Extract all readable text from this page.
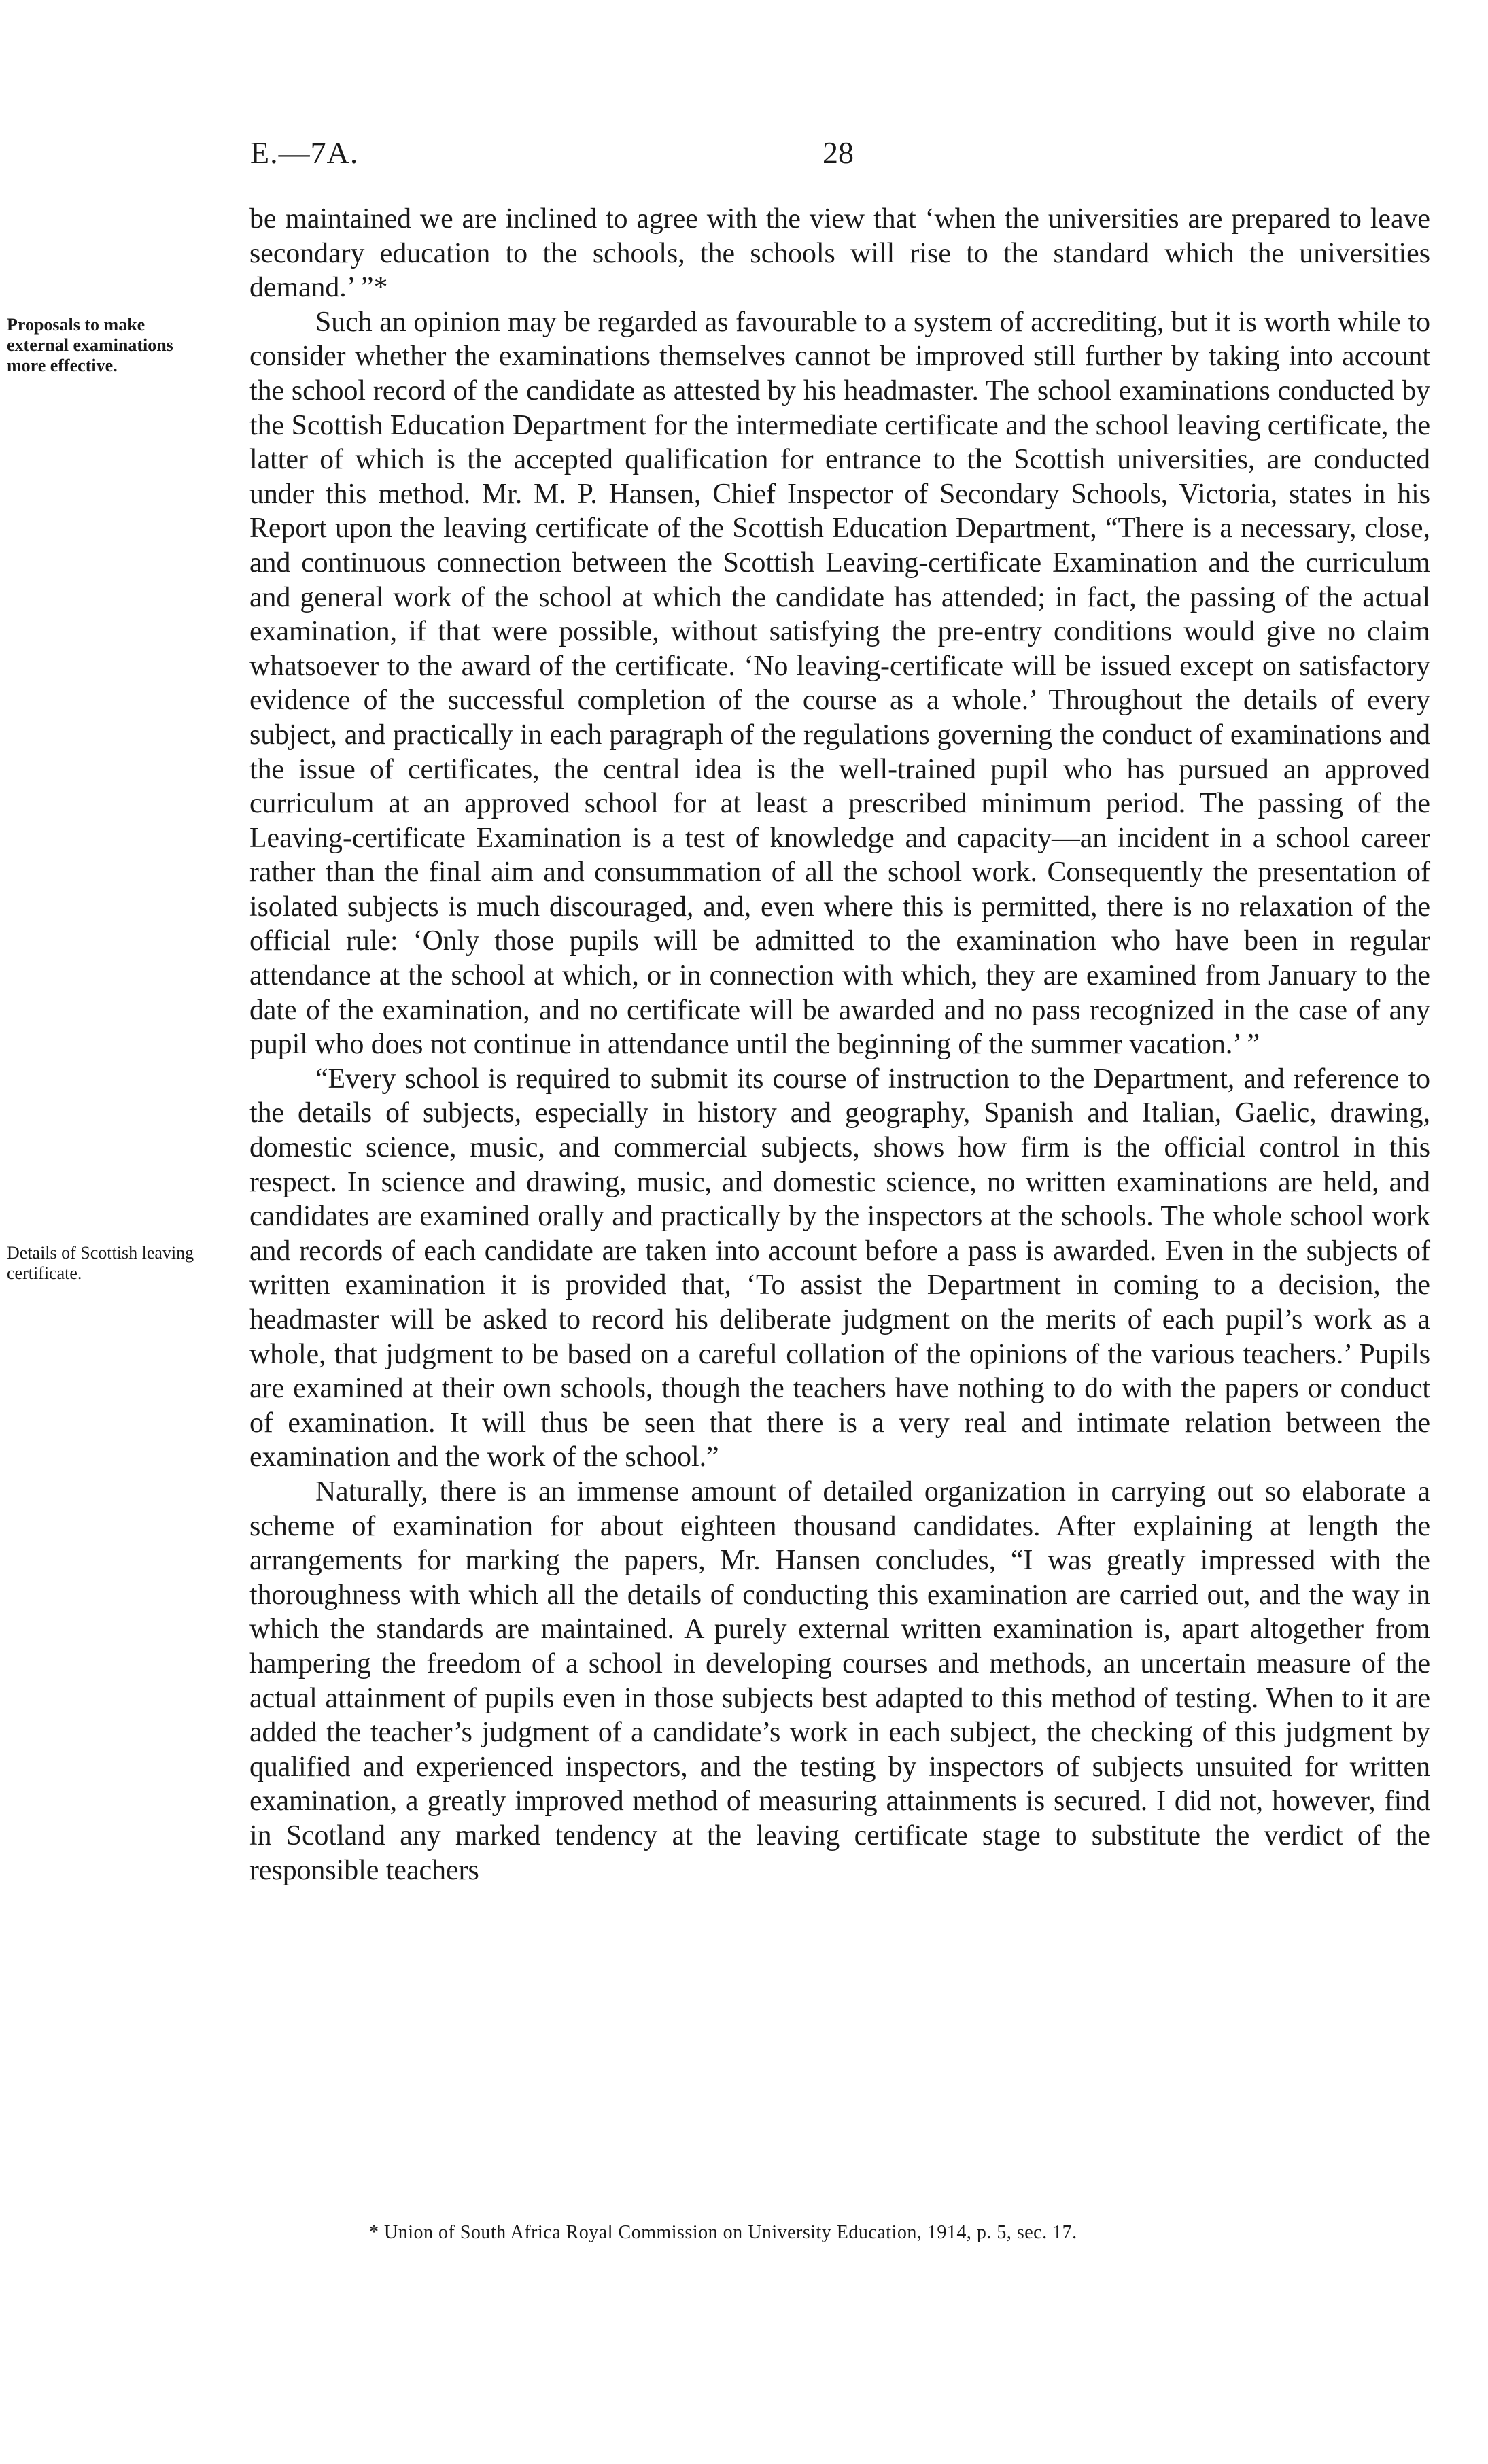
E.—7A.	28
Proposals to make external examinations more effective.
Details of Scottish leaving certificate.

be maintained we are inclined to agree with the view that ‘when the universities are prepared to leave secondary education to the schools, the schools will rise to the standard which the universities demand.’ ”*

Such an opinion may be regarded as favourable to a system of accrediting, but it is worth while to consider whether the examinations themselves cannot be improved still further by taking into account the school record of the candidate as attested by his headmaster. The school examinations conducted by the Scottish Education Department for the intermediate certificate and the school leaving certificate, the latter of which is the accepted qualification for entrance to the Scottish universities, are conducted under this method. Mr. M. P. Hansen, Chief Inspector of Secondary Schools, Victoria, states in his Report upon the leaving certificate of the Scottish Education Department, “There is a necessary, close, and continuous connection between the Scottish Leaving-certificate Examination and the curriculum and general work of the school at which the candidate has attended; in fact, the passing of the actual examination, if that were possible, without satisfying the pre-entry conditions would give no claim whatsoever to the award of the certificate. ‘No leaving-certificate will be issued except on satisfactory evidence of the successful completion of the course as a whole.’ Throughout the details of every subject, and practically in each paragraph of the regulations governing the conduct of examinations and the issue of certificates, the central idea is the well-trained pupil who has pursued an approved curriculum at an approved school for at least a prescribed minimum period. The passing of the Leaving-certificate Examination is a test of knowledge and capacity—an incident in a school career rather than the final aim and consummation of all the school work. Consequently the presentation of isolated subjects is much discouraged, and, even where this is permitted, there is no relaxation of the official rule: ‘Only those pupils will be admitted to the examination who have been in regular attendance at the school at which, or in connection with which, they are examined from January to the date of the examination, and no certificate will be awarded and no pass recognized in the case of any pupil who does not continue in attendance until the beginning of the summer vacation.’ ”

“Every school is required to submit its course of instruction to the Department, and reference to the details of subjects, especially in history and geography, Spanish and Italian, Gaelic, drawing, domestic science, music, and commercial subjects, shows how firm is the official control in this respect. In science and drawing, music, and domestic science, no written examinations are held, and candidates are examined orally and practically by the inspectors at the schools. The whole school work and records of each candidate are taken into account before a pass is awarded. Even in the subjects of written examination it is provided that, ‘To assist the Department in coming to a decision, the headmaster will be asked to record his deliberate judgment on the merits of each pupil’s work as a whole, that judgment to be based on a careful collation of the opinions of the various teachers.’ Pupils are examined at their own schools, though the teachers have nothing to do with the papers or conduct of examination. It will thus be seen that there is a very real and intimate relation between the examination and the work of the school.”

Naturally, there is an immense amount of detailed organization in carrying out so elaborate a scheme of examination for about eighteen thousand candidates. After explaining at length the arrangements for marking the papers, Mr. Hansen concludes, “I was greatly impressed with the thoroughness with which all the details of conducting this examination are carried out, and the way in which the standards are maintained. A purely external written examination is, apart altogether from hampering the freedom of a school in developing courses and methods, an uncertain measure of the actual attainment of pupils even in those subjects best adapted to this method of testing. When to it are added the teacher’s judgment of a candidate’s work in each subject, the checking of this judgment by qualified and experienced inspectors, and the testing by inspectors of subjects unsuited for written examination, a greatly improved method of measuring attainments is secured. I did not, however, find in Scotland any marked tendency at the leaving certificate stage to substitute the verdict of the responsible teachers

* Union of South Africa Royal Commission on University Education, 1914, p. 5, sec. 17.
